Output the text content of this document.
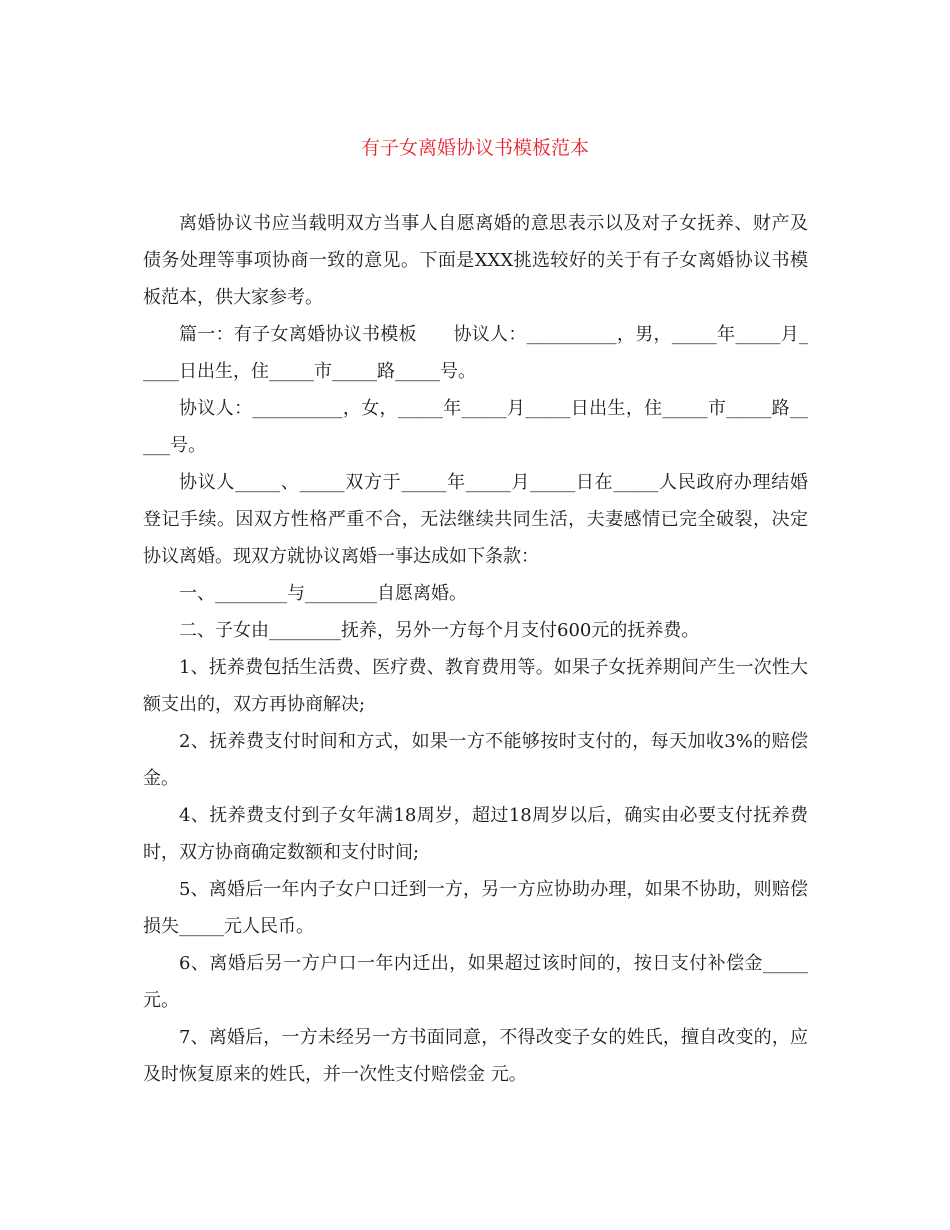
有子女离婚协议书模板范本

离婚协议书应当载明双方当事人自愿离婚的意思表示以及对子女抚养、财产及债务处理等事项协商一致的意见。下面是XXX挑选较好的关于有子女离婚协议书模板范本，供大家参考。

篇一：有子女离婚协议书模板　　协议人：__________，男，_____年_____月_____日出生，住_____市_____路_____号。

协议人：__________，女，_____年_____月_____日出生，住_____市_____路_____号。

协议人_____、_____双方于_____年_____月_____日在_____人民政府办理结婚登记手续。因双方性格严重不合，无法继续共同生活，夫妻感情已完全破裂，决定协议离婚。现双方就协议离婚一事达成如下条款：

一、________与________自愿离婚。

二、子女由________抚养，另外一方每个月支付600元的抚养费。

1、抚养费包括生活费、医疗费、教育费用等。如果子女抚养期间产生一次性大额支出的，双方再协商解决;

2、抚养费支付时间和方式，如果一方不能够按时支付的，每天加收3%的赔偿金。

4、抚养费支付到子女年满18周岁，超过18周岁以后，确实由必要支付抚养费时，双方协商确定数额和支付时间;

5、离婚后一年内子女户口迁到一方，另一方应协助办理，如果不协助，则赔偿损失_____元人民币。

6、离婚后另一方户口一年内迁出，如果超过该时间的，按日支付补偿金_____元。

7、离婚后，一方未经另一方书面同意，不得改变子女的姓氏，擅自改变的，应及时恢复原来的姓氏，并一次性支付赔偿金 元。
